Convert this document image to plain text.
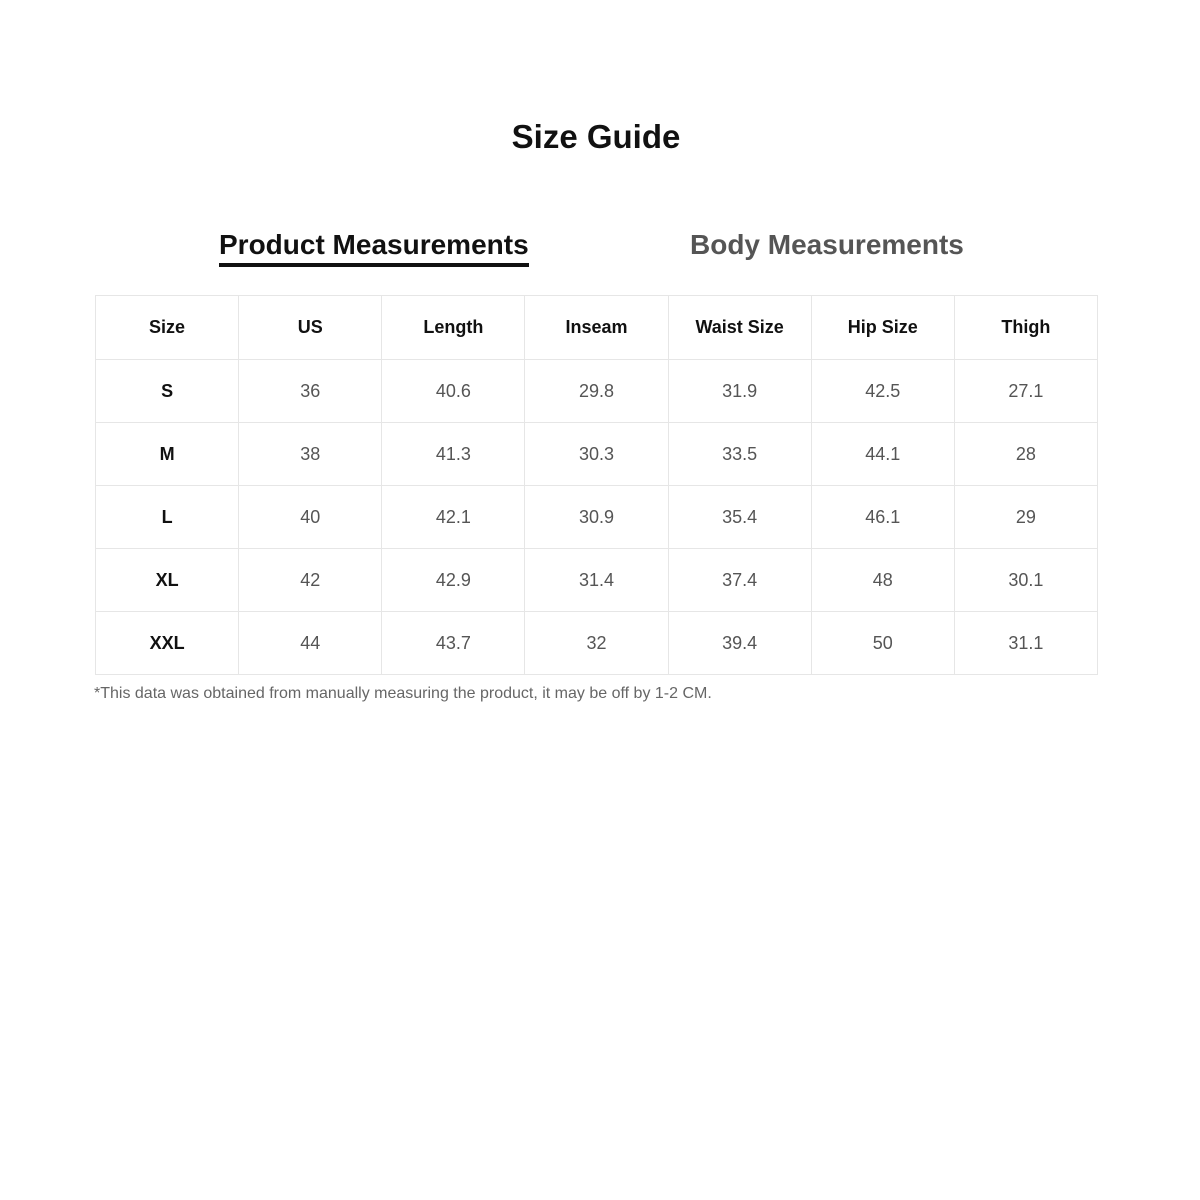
Size Guide
Product Measurements	Body Measurements
Size	US	Length	Inseam	Waist Size	Hip Size	Thigh
S	36	40.6	29.8	31.9	42.5	27.1
M	38	41.3	30.3	33.5	44.1	28
L	40	42.1	30.9	35.4	46.1	29
XL	42	42.9	31.4	37.4	48	30.1
XXL	44	43.7	32	39.4	50	31.1
*This data was obtained from manually measuring the product, it may be off by 1-2 CM.
